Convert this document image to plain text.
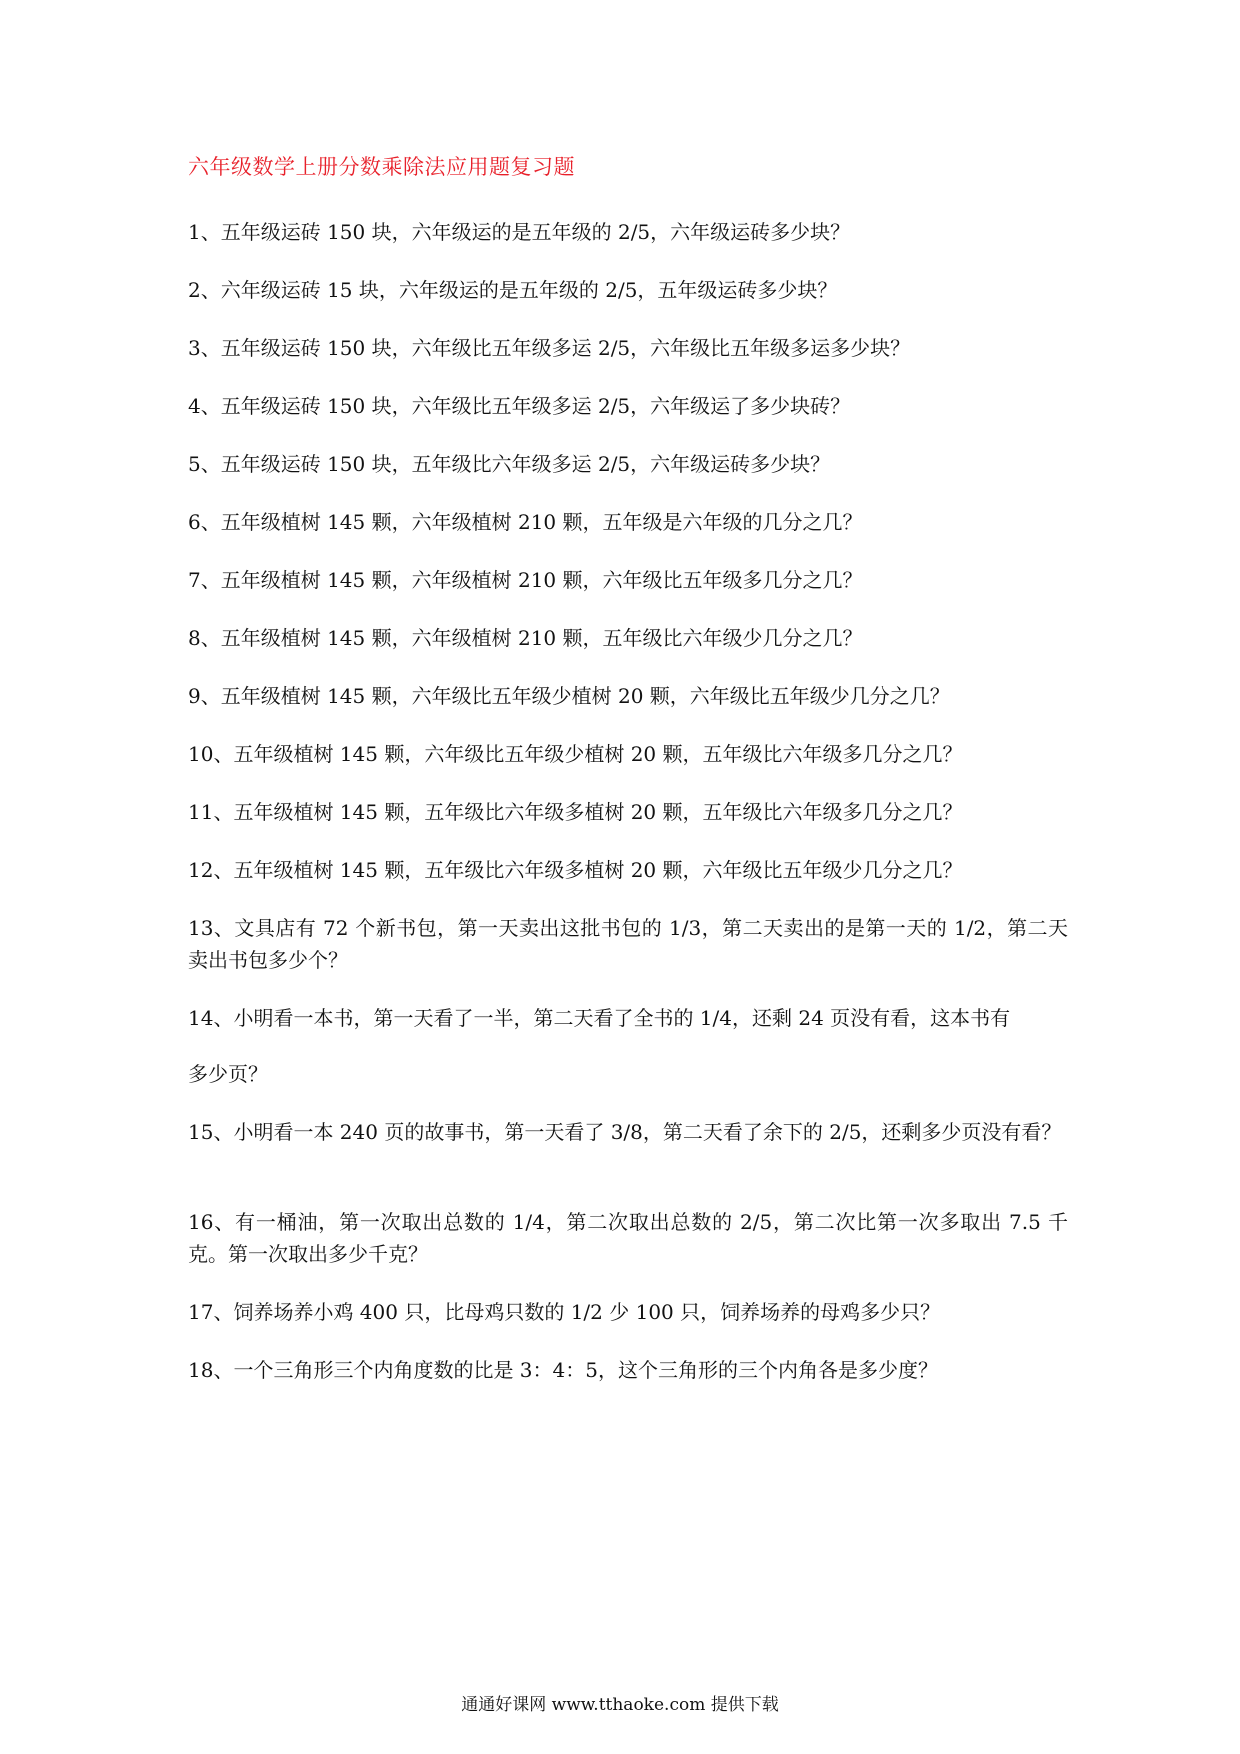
六年级数学上册分数乘除法应用题复习题
1、五年级运砖 150 块，六年级运的是五年级的 2/5，六年级运砖多少块？
2、六年级运砖 15 块，六年级运的是五年级的 2/5，五年级运砖多少块？
3、五年级运砖 150 块，六年级比五年级多运 2/5，六年级比五年级多运多少块？
4、五年级运砖 150 块，六年级比五年级多运 2/5，六年级运了多少块砖？
5、五年级运砖 150 块，五年级比六年级多运 2/5，六年级运砖多少块？
6、五年级植树 145 颗，六年级植树 210 颗，五年级是六年级的几分之几？
7、五年级植树 145 颗，六年级植树 210 颗，六年级比五年级多几分之几？
8、五年级植树 145 颗，六年级植树 210 颗，五年级比六年级少几分之几？
9、五年级植树 145 颗，六年级比五年级少植树 20 颗，六年级比五年级少几分之几？
10、五年级植树 145 颗，六年级比五年级少植树 20 颗，五年级比六年级多几分之几？
11、五年级植树 145 颗，五年级比六年级多植树 20 颗，五年级比六年级多几分之几？
12、五年级植树 145 颗，五年级比六年级多植树 20 颗，六年级比五年级少几分之几？
13、文具店有 72 个新书包，第一天卖出这批书包的 1/3，第二天卖出的是第一天的 1/2，第二天卖出书包多少个？
14、小明看一本书，第一天看了一半，第二天看了全书的 1/4，还剩 24 页没有看，这本书有
多少页？
15、小明看一本 240 页的故事书，第一天看了 3/8，第二天看了余下的 2/5，还剩多少页没有看？
16、有一桶油，第一次取出总数的 1/4，第二次取出总数的 2/5，第二次比第一次多取出 7.5 千克。第一次取出多少千克？
17、饲养场养小鸡 400 只，比母鸡只数的 1/2 少 100 只，饲养场养的母鸡多少只？
18、一个三角形三个内角度数的比是 3：4：5，这个三角形的三个内角各是多少度？
通通好课网 www.tthaoke.com 提供下载
